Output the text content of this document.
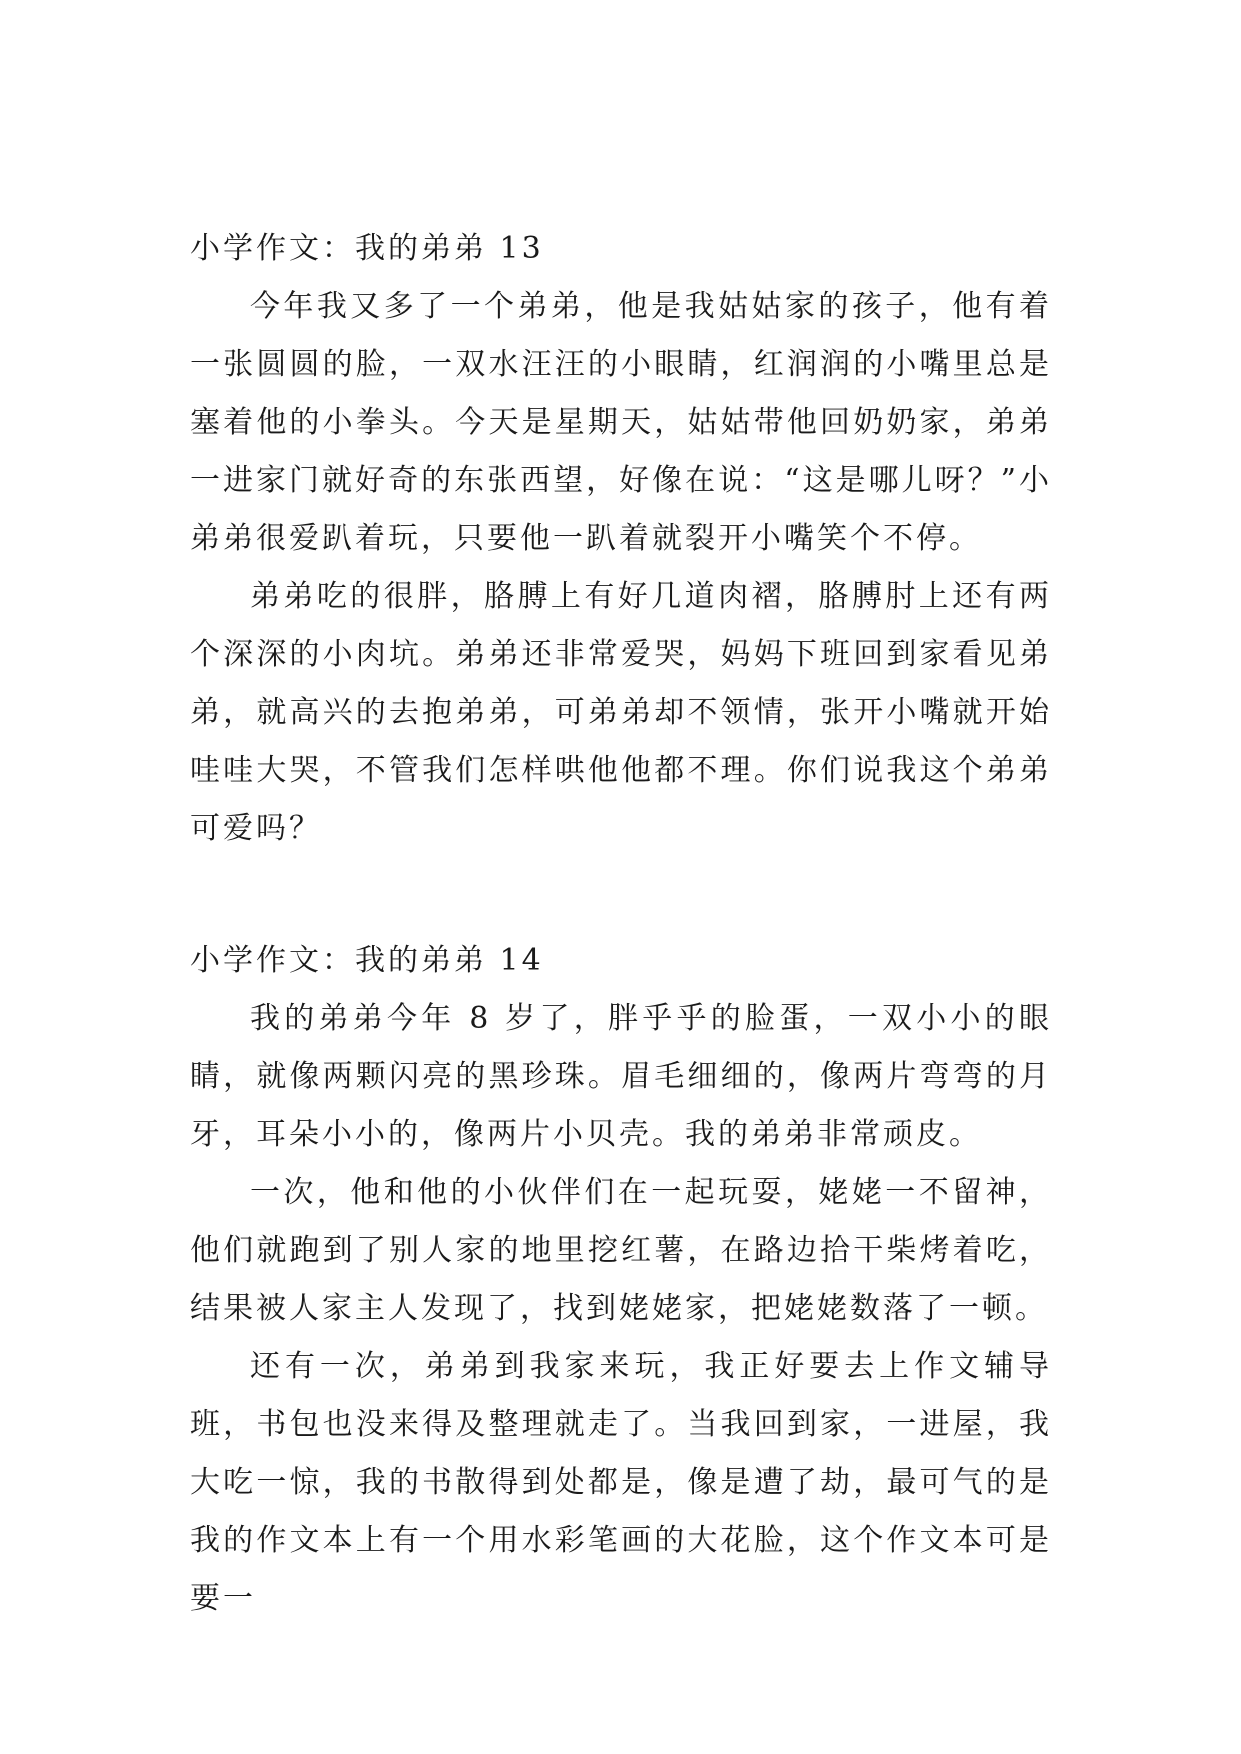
小学作文：我的弟弟 13

今年我又多了一个弟弟，他是我姑姑家的孩子，他有着一张圆圆的脸，一双水汪汪的小眼睛，红润润的小嘴里总是塞着他的小拳头。今天是星期天，姑姑带他回奶奶家，弟弟一进家门就好奇的东张西望，好像在说：“这是哪儿呀？”小弟弟很爱趴着玩，只要他一趴着就裂开小嘴笑个不停。

弟弟吃的很胖，胳膊上有好几道肉褶，胳膊肘上还有两个深深的小肉坑。弟弟还非常爱哭，妈妈下班回到家看见弟弟，就高兴的去抱弟弟，可弟弟却不领情，张开小嘴就开始哇哇大哭，不管我们怎样哄他他都不理。你们说我这个弟弟可爱吗？

小学作文：我的弟弟 14

我的弟弟今年 8 岁了，胖乎乎的脸蛋，一双小小的眼睛，就像两颗闪亮的黑珍珠。眉毛细细的，像两片弯弯的月牙，耳朵小小的，像两片小贝壳。我的弟弟非常顽皮。

一次，他和他的小伙伴们在一起玩耍，姥姥一不留神，他们就跑到了别人家的地里挖红薯，在路边拾干柴烤着吃，结果被人家主人发现了，找到姥姥家，把姥姥数落了一顿。

还有一次，弟弟到我家来玩，我正好要去上作文辅导班，书包也没来得及整理就走了。当我回到家，一进屋，我大吃一惊，我的书散得到处都是，像是遭了劫，最可气的是我的作文本上有一个用水彩笔画的大花脸，这个作文本可是要一
